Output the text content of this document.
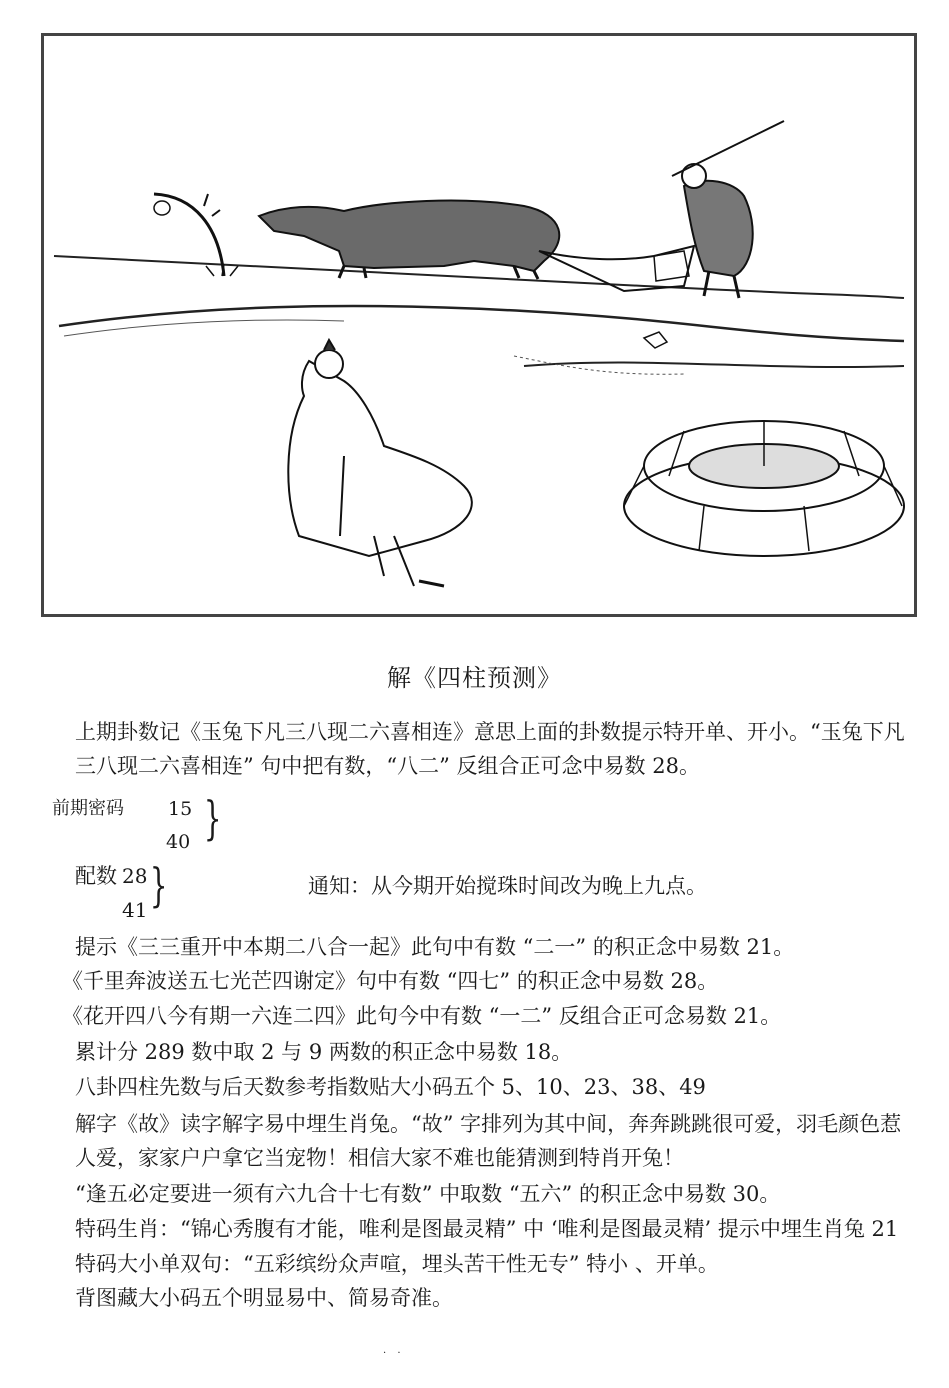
解《四柱预测》
上期卦数记《玉兔下凡三八现二六喜相连》意思上面的卦数提示特开单、开小。“玉兔下凡
三八现二六喜相连” 句中把有数，“八二” 反组合正可念中易数 28。
前期密码 15
40 }
配数 28
41 }	通知：从今期开始搅珠时间改为晚上九点。
提示《三三重开中本期二八合一起》此句中有数 “二一” 的积正念中易数 21。
《千里奔波送五七光芒四谢定》句中有数 “四七” 的积正念中易数 28。
《花开四八今有期一六连二四》此句今中有数 “一二” 反组合正可念易数 21。
累计分 289 数中取 2 与 9 两数的积正念中易数 18。
八卦四柱先数与后天数参考指数贴大小码五个 5、10、23、38、49
解字《故》读字解字易中埋生肖兔。“故” 字排列为其中间，奔奔跳跳很可爱，羽毛颜色惹
人爱，家家户户拿它当宠物！相信大家不难也能猜测到特肖开兔！
“逢五必定要进一须有六九合十七有数” 中取数 “五六” 的积正念中易数 30。
特码生肖：“锦心秀腹有才能，唯利是图最灵精” 中 ‘唯利是图最灵精’ 提示中埋生肖兔 21
特码大小单双句：“五彩缤纷众声喧，埋头苦干性无专” 特小 、开单。
背图藏大小码五个明显易中、简易奇准。
. .
